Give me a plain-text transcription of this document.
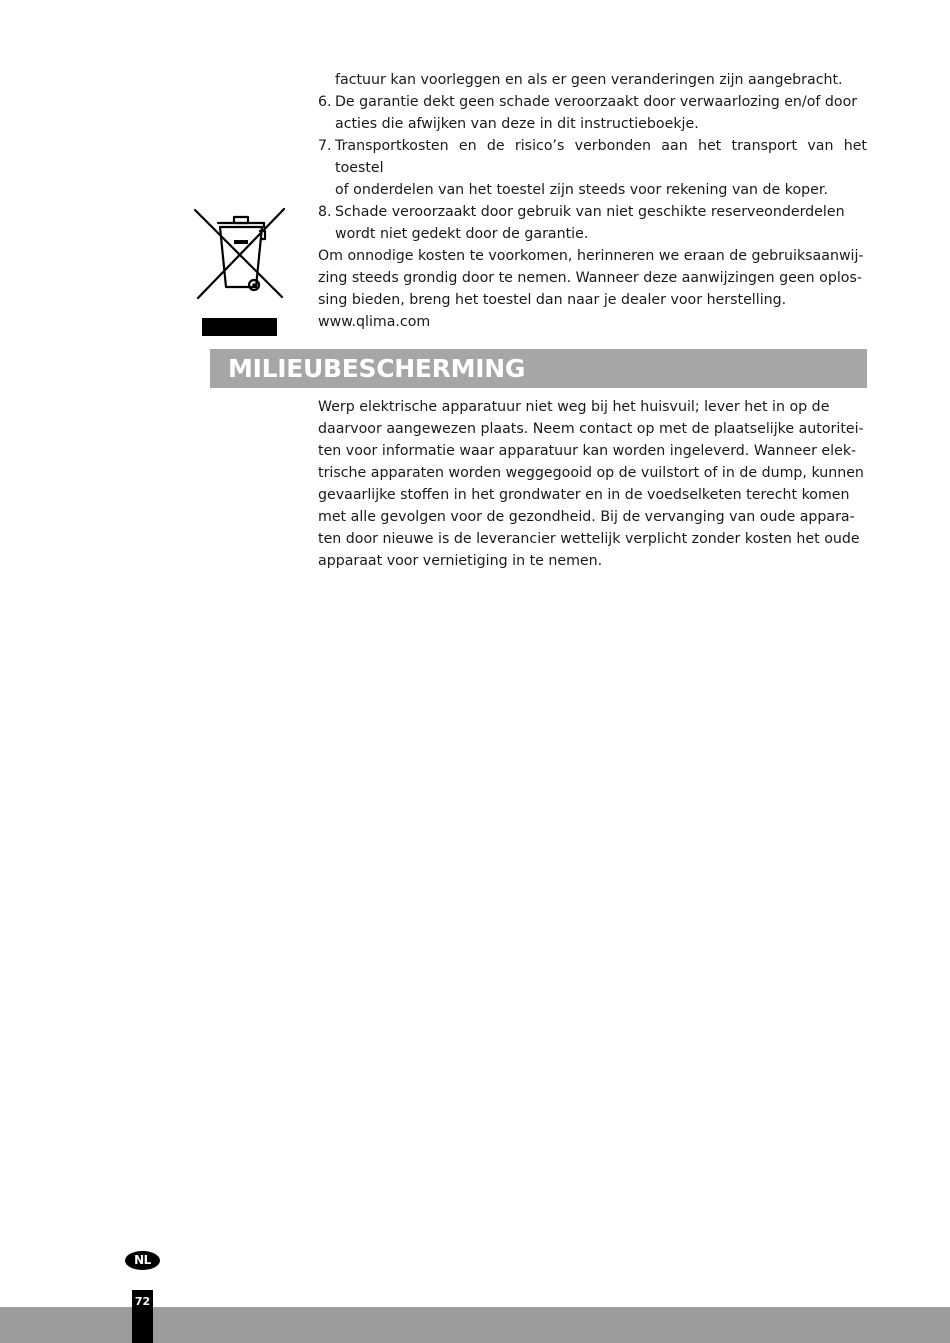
factuur kan voorleggen en als er geen veranderingen zijn aangebracht.

6. De garantie dekt geen schade veroorzaakt door verwaarlozing en/of door
acties die afwijken van deze in dit instructieboekje.

7. Transportkosten en de risico’s verbonden aan het transport van het toestel
of onderdelen van het toestel zijn steeds voor rekening van de koper.

8. Schade veroorzaakt door gebruik van niet geschikte reserveonderdelen
wordt niet gedekt door de garantie.

Om onnodige kosten te voorkomen, herinneren we eraan de gebruiksaanwij-
zing steeds grondig door te nemen. Wanneer deze aanwijzingen geen oplos-
sing bieden, breng het toestel dan naar je dealer voor herstelling.
www.qlima.com

MILIEUBESCHERMING

Werp elektrische apparatuur niet weg bij het huisvuil; lever het in op de
daarvoor aangewezen plaats. Neem contact op met de plaatselijke autoritei-
ten voor informatie waar apparatuur kan worden ingeleverd. Wanneer elek-
trische apparaten worden weggegooid op de vuilstort of in de dump, kunnen
gevaarlijke stoffen in het grondwater en in de voedselketen terecht komen
met alle gevolgen voor de gezondheid. Bij de vervanging van oude appara-
ten door nieuwe is de leverancier wettelijk verplicht zonder kosten het oude
apparaat voor vernietiging in te nemen.

NL
72
